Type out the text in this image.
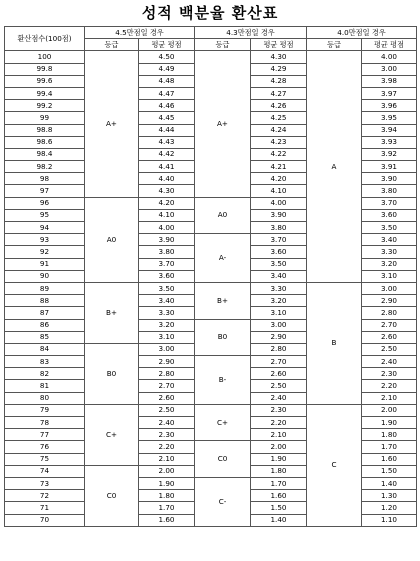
성적 백분율 환산표
환산점수(100점)	4.5만점일 경우		4.3만점일 경우		4.0만점일 경우	
	등급	평균 평점	등급	평균 평점	등급	평균 평점
100	A+	4.50	A+	4.30	A	4.00
99.8		4.49		4.29		3.00
99.6		4.48		4.28		3.98
99.4		4.47		4.27		3.97
99.2		4.46		4.26		3.96
99		4.45		4.25		3.95
98.8		4.44		4.24		3.94
98.6		4.43		4.23		3.93
98.4		4.42		4.22		3.92
98.2		4.41		4.21		3.91
98		4.40		4.20		3.90
97		4.30		4.10		3.80
96	A0	4.20	A0	4.00		3.70
95		4.10		3.90		3.60
94		4.00		3.80		3.50
93		3.90	A-	3.70		3.40
92		3.80		3.60		3.30
91		3.70		3.50		3.20
90		3.60		3.40		3.10
89	B+	3.50	B+	3.30	B	3.00
88		3.40		3.20		2.90
87		3.30		3.10		2.80
86		3.20	B0	3.00		2.70
85		3.10		2.90		2.60
84	B0	3.00		2.80		2.50
83		2.90	B-	2.70		2.40
82		2.80		2.60		2.30
81		2.70		2.50		2.20
80		2.60		2.40		2.10
79	C+	2.50	C+	2.30	C	2.00
78		2.40		2.20		1.90
77		2.30		2.10		1.80
76		2.20	C0	2.00		1.70
75		2.10		1.90		1.60
74	C0	2.00		1.80		1.50
73		1.90	C-	1.70		1.40
72		1.80		1.60		1.30
71		1.70		1.50		1.20
70		1.60		1.40		1.10
